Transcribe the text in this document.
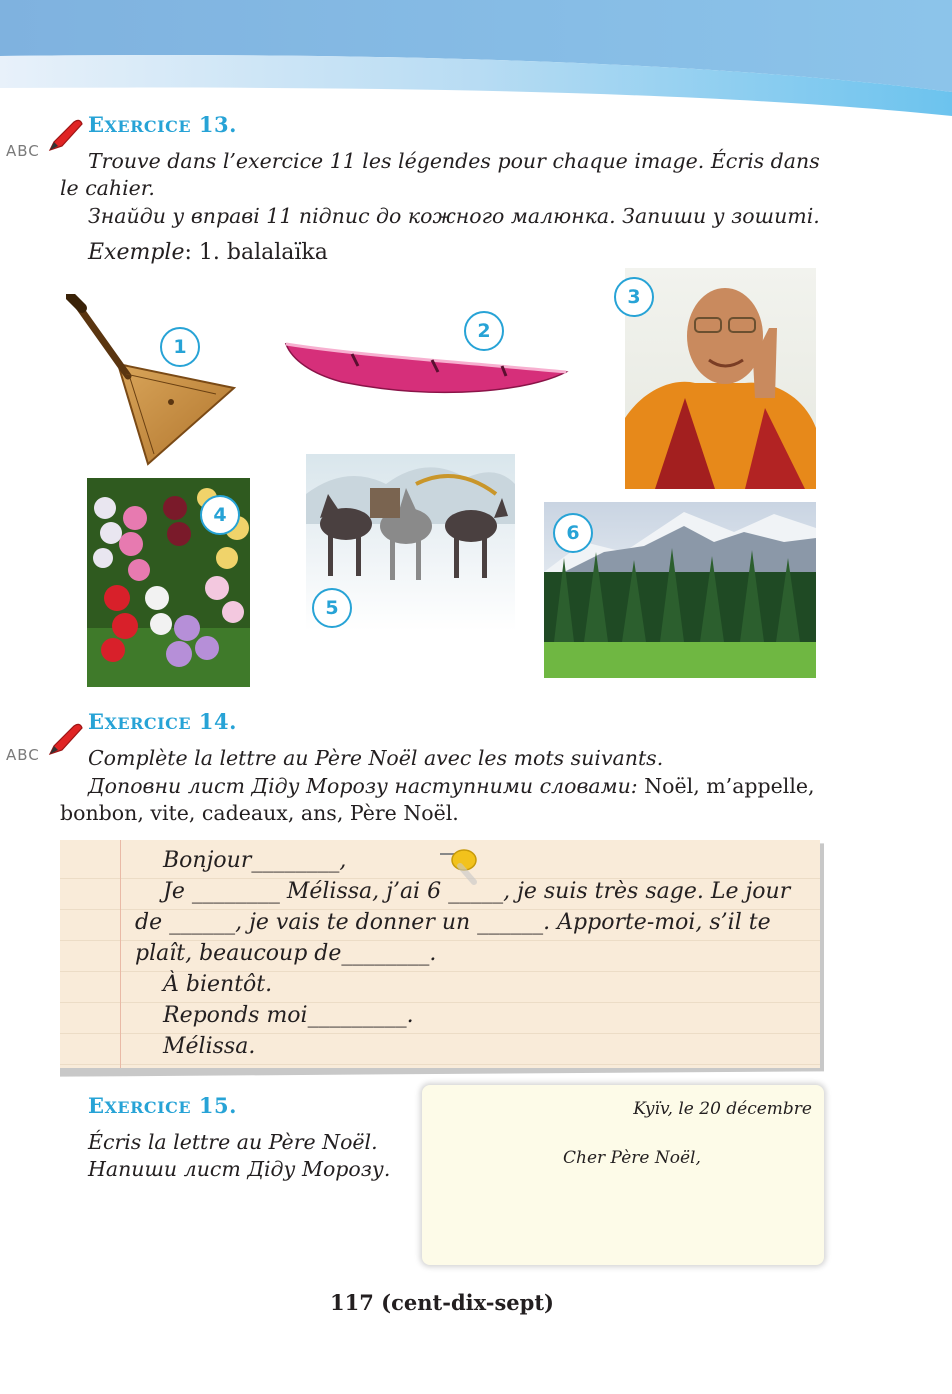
ABC
EXERCICE 13.
Trouve dans l’exercice 11 les légendes pour chaque image. Écris dans
le cahier.
Знайди у вправі 11 підпис до кожного малюнка. Запиши у зошиті.
Exemple: 1. balalaïka
1
2
3
4
5
6
ABC
EXERCICE 14.
Complète la lettre au Père Noël avec les mots suivants.
Доповни лист Діду Морозу наступними словами: Noël, m’appelle,
bonbon, vite, cadeaux, ans, Père Noël.
Bonjour________,
Je ________ Mélissa, j’ai 6 _____, je suis très sage. Le jour
de ______, je vais te donner un ______. Apporte-moi, s’il te
plaît, beaucoup de________.
À bientôt.
Reponds moi_________.
Mélissa.
EXERCICE 15.
Écris la lettre au Père Noël.
Напиши лист Діду Морозу.
Kyïv, le 20 décembre
Cher Père Noël,
117 (cent-dix-sept)
